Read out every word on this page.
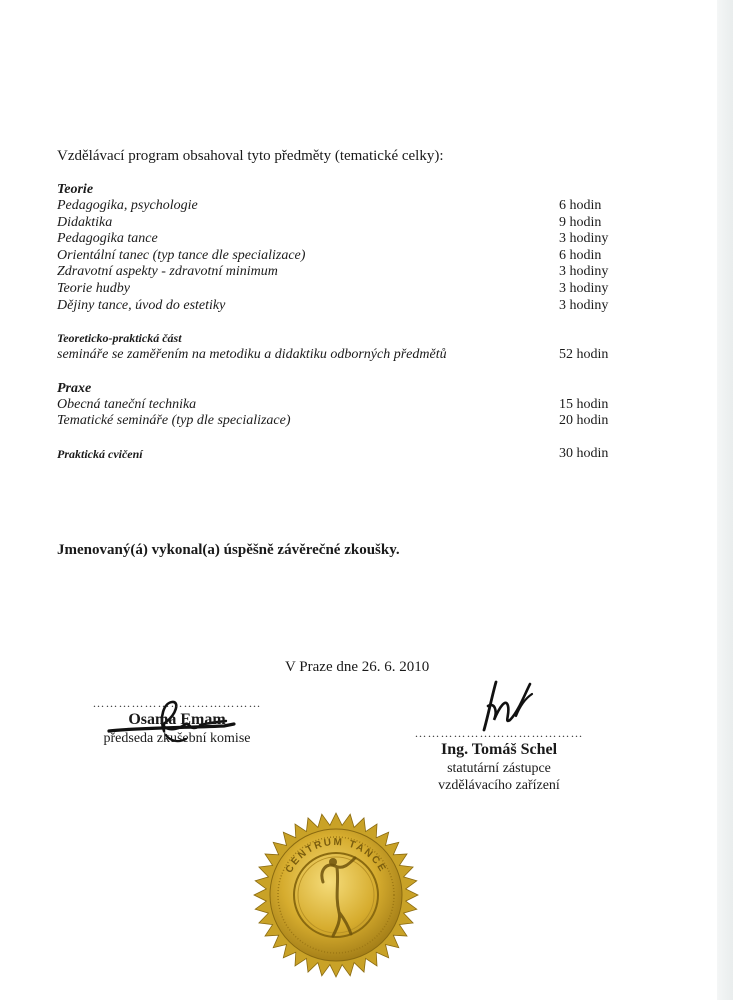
Vzdělávací program obsahoval tyto předměty (tematické celky):
Teorie
Pedagogika, psychologie	6 hodin
Didaktika	9 hodin
Pedagogika tance	3 hodiny
Orientální tanec (typ tance dle specializace)	6 hodin
Zdravotní aspekty - zdravotní minimum	3 hodiny
Teorie hudby	3 hodiny
Dějiny tance, úvod do estetiky	3 hodiny
Teoreticko-praktická část
semináře se zaměřením na metodiku a didaktiku odborných předmětů	52 hodin
Praxe
Obecná taneční technika	15 hodin
Tematické semináře (typ dle specializace)	20 hodin
Praktická cvičení	30 hodin
Jmenovaný(á) vykonal(a) úspěšně závěrečné zkoušky.
V Praze dne 26. 6. 2010
…………………………………
Osama Emam
předseda zkušební komise	…………………………………
Ing. Tomáš Schel
statutární zástupce
vzdělávacího zařízení
CENTRUM TANCE
